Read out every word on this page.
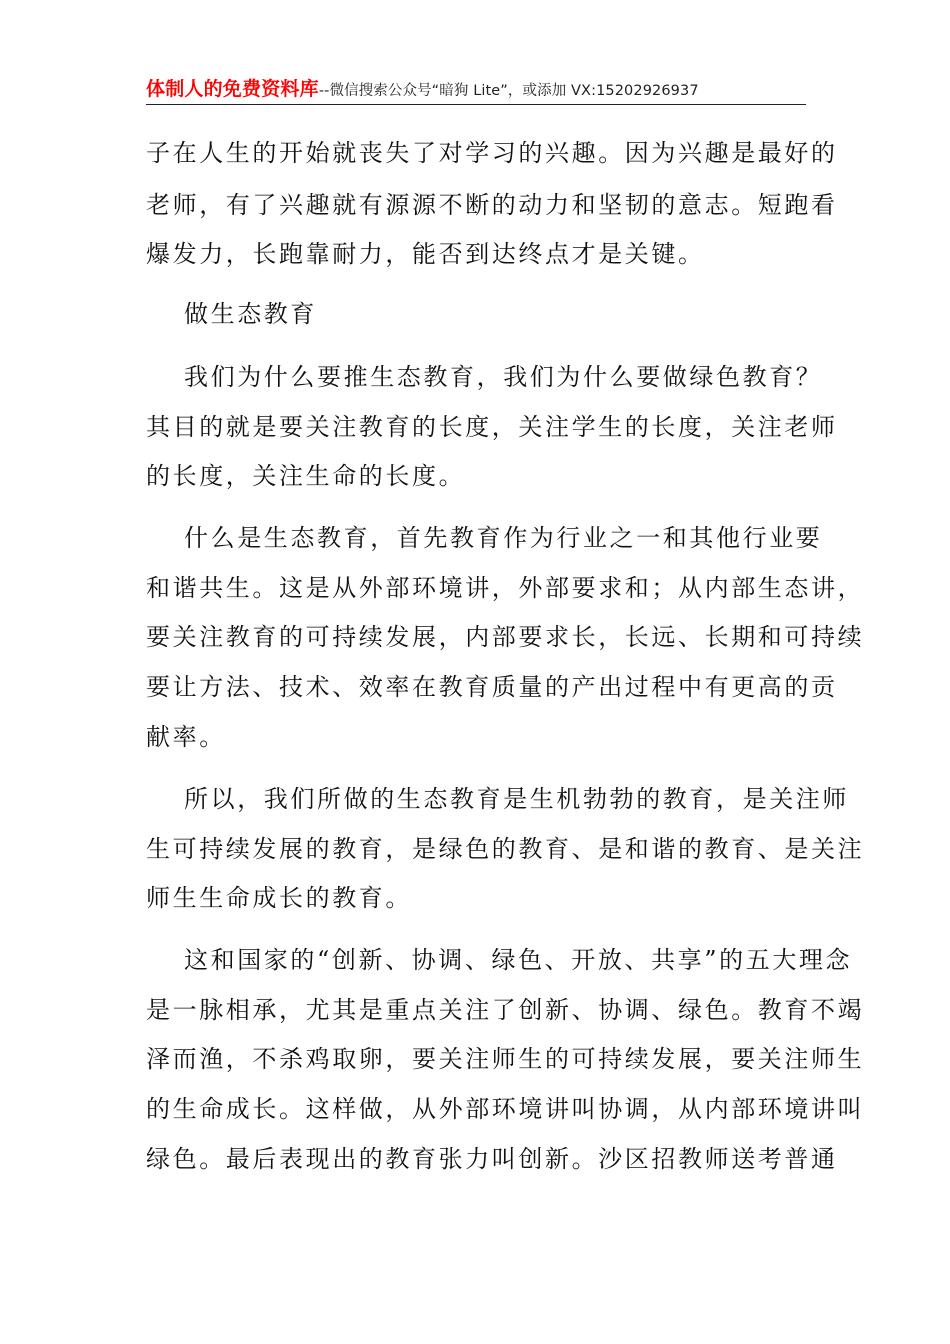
体制人的免费资料库--微信搜索公众号“暗狗 Lite”，或添加 VX:15202926937
子在人生的开始就丧失了对学习的兴趣。因为兴趣是最好的
老师，有了兴趣就有源源不断的动力和坚韧的意志。短跑看
爆发力，长跑靠耐力，能否到达终点才是关键。
做生态教育
我们为什么要推生态教育，我们为什么要做绿色教育？
其目的就是要关注教育的长度，关注学生的长度，关注老师
的长度，关注生命的长度。
什么是生态教育，首先教育作为行业之一和其他行业要
和谐共生。这是从外部环境讲，外部要求和；从内部生态讲，
要关注教育的可持续发展，内部要求长，长远、长期和可持续
要让方法、技术、效率在教育质量的产出过程中有更高的贡
献率。
所以，我们所做的生态教育是生机勃勃的教育，是关注师
生可持续发展的教育，是绿色的教育、是和谐的教育、是关注
师生生命成长的教育。
这和国家的“创新、协调、绿色、开放、共享”的五大理念
是一脉相承，尤其是重点关注了创新、协调、绿色。教育不竭
泽而渔，不杀鸡取卵，要关注师生的可持续发展，要关注师生
的生命成长。这样做，从外部环境讲叫协调，从内部环境讲叫
绿色。最后表现出的教育张力叫创新。沙区招教师送考普通
